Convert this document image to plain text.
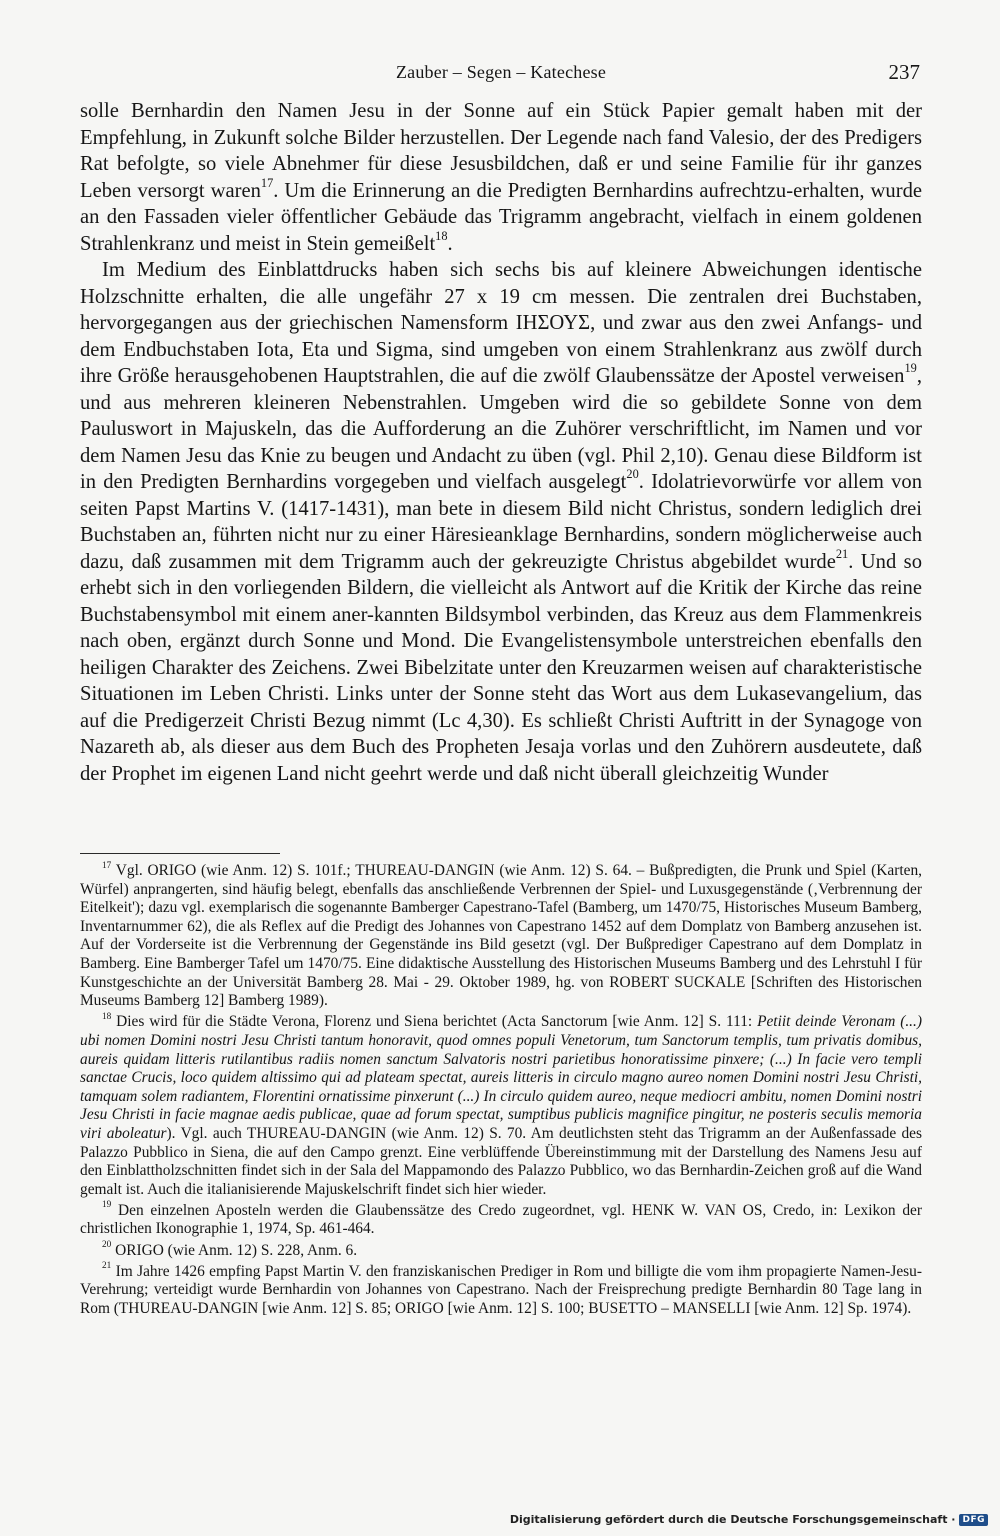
Zauber – Segen – Katechese	237

solle Bernhardin den Namen Jesu in der Sonne auf ein Stück Papier gemalt haben mit der Empfehlung, in Zukunft solche Bilder herzustellen. Der Legende nach fand Valesio, der des Predigers Rat befolgte, so viele Abnehmer für diese Jesusbildchen, daß er und seine Familie für ihr ganzes Leben versorgt waren$^{17}$. Um die Erinnerung an die Predigten Bernhardins aufrechtzu-erhalten, wurde an den Fassaden vieler öffentlicher Gebäude das Trigramm angebracht, vielfach in einem goldenen Strahlenkranz und meist in Stein gemeißelt$^{18}$.

Im Medium des Einblattdrucks haben sich sechs bis auf kleinere Abweichungen identische Holzschnitte erhalten, die alle ungefähr 27 x 19 cm messen. Die zentralen drei Buchstaben, hervorgegangen aus der griechischen Namensform ΙΗΣΟΥΣ, und zwar aus den zwei Anfangs- und dem Endbuchstaben Iota, Eta und Sigma, sind umgeben von einem Strahlenkranz aus zwölf durch ihre Größe herausgehobenen Hauptstrahlen, die auf die zwölf Glaubenssätze der Apostel verweisen$^{19}$, und aus mehreren kleineren Nebenstrahlen. Umgeben wird die so gebildete Sonne von dem Pauluswort in Majuskeln, das die Aufforderung an die Zuhörer verschriftlicht, im Namen und vor dem Namen Jesu das Knie zu beugen und Andacht zu üben (vgl. Phil 2,10). Genau diese Bildform ist in den Predigten Bernhardins vorgegeben und vielfach ausgelegt$^{20}$. Idolatrievorwürfe vor allem von seiten Papst Martins V. (1417-1431), man bete in diesem Bild nicht Christus, sondern lediglich drei Buchstaben an, führten nicht nur zu einer Häresieanklage Bernhardins, sondern möglicherweise auch dazu, daß zusammen mit dem Trigramm auch der gekreuzigte Christus abgebildet wurde$^{21}$. Und so erhebt sich in den vorliegenden Bildern, die vielleicht als Antwort auf die Kritik der Kirche das reine Buchstabensymbol mit einem aner-kannten Bildsymbol verbinden, das Kreuz aus dem Flammenkreis nach oben, ergänzt durch Sonne und Mond. Die Evangelistensymbole unterstreichen ebenfalls den heiligen Charakter des Zeichens. Zwei Bibelzitate unter den Kreuzarmen weisen auf charakteristische Situationen im Leben Christi. Links unter der Sonne steht das Wort aus dem Lukasevangelium, das auf die Predigerzeit Christi Bezug nimmt (Lc 4,30). Es schließt Christi Auftritt in der Synagoge von Nazareth ab, als dieser aus dem Buch des Propheten Jesaja vorlas und den Zuhörern ausdeutete, daß der Prophet im eigenen Land nicht geehrt werde und daß nicht überall gleichzeitig Wunder

$^{17}$ Vgl. ORIGO (wie Anm. 12) S. 101f.; THUREAU-DANGIN (wie Anm. 12) S. 64. – Bußpredigten, die Prunk und Spiel (Karten, Würfel) anprangerten, sind häufig belegt, ebenfalls das anschließende Verbrennen der Spiel- und Luxusgegenstände (‚Verbrennung der Eitelkeit'); dazu vgl. exemplarisch die sogenannte Bamberger Capestrano-Tafel (Bamberg, um 1470/75, Historisches Museum Bamberg, Inventarnummer 62), die als Reflex auf die Predigt des Johannes von Capestrano 1452 auf dem Domplatz von Bamberg anzusehen ist. Auf der Vorderseite ist die Verbrennung der Gegenstände ins Bild gesetzt (vgl. Der Bußprediger Capestrano auf dem Domplatz in Bamberg. Eine Bamberger Tafel um 1470/75. Eine didaktische Ausstellung des Historischen Museums Bamberg und des Lehrstuhl I für Kunstgeschichte an der Universität Bamberg 28. Mai - 29. Oktober 1989, hg. von ROBERT SUCKALE [Schriften des Historischen Museums Bamberg 12] Bamberg 1989).

$^{18}$ Dies wird für die Städte Verona, Florenz und Siena berichtet (Acta Sanctorum [wie Anm. 12] S. 111: Petiit deinde Veronam (...) ubi nomen Domini nostri Jesu Christi tantum honoravit, quod omnes populi Venetorum, tum Sanctorum templis, tum privatis domibus, aureis quidam litteris rutilantibus radiis nomen sanctum Salvatoris nostri parietibus honoratissime pinxere; (...) In facie vero templi sanctae Crucis, loco quidem altissimo qui ad plateam spectat, aureis litteris in circulo magno aureo nomen Domini nostri Jesu Christi, tamquam solem radiantem, Florentini ornatissime pinxerunt (...) In circulo quidem aureo, neque mediocri ambitu, nomen Domini nostri Jesu Christi in facie magnae aedis publicae, quae ad forum spectat, sumptibus publicis magnifice pingitur, ne posteris seculis memoria viri aboleatur). Vgl. auch THUREAU-DANGIN (wie Anm. 12) S. 70. Am deutlichsten steht das Trigramm an der Außenfassade des Palazzo Pubblico in Siena, die auf den Campo grenzt. Eine verblüffende Übereinstimmung mit der Darstellung des Namens Jesu auf den Einblattholzschnitten findet sich in der Sala del Mappamondo des Palazzo Pubblico, wo das Bernhardin-Zeichen groß auf die Wand gemalt ist. Auch die italianisierende Majuskelschrift findet sich hier wieder.

$^{19}$ Den einzelnen Aposteln werden die Glaubenssätze des Credo zugeordnet, vgl. HENK W. VAN OS, Credo, in: Lexikon der christlichen Ikonographie 1, 1974, Sp. 461-464.

$^{20}$ ORIGO (wie Anm. 12) S. 228, Anm. 6.

$^{21}$ Im Jahre 1426 empfing Papst Martin V. den franziskanischen Prediger in Rom und billigte die vom ihm propagierte Namen-Jesu-Verehrung; verteidigt wurde Bernhardin von Johannes von Capestrano. Nach der Freisprechung predigte Bernhardin 80 Tage lang in Rom (THUREAU-DANGIN [wie Anm. 12] S. 85; ORIGO [wie Anm. 12] S. 100; BUSETTO – MANSELLI [wie Anm. 12] Sp. 1974).

Digitalisierung gefördert durch die Deutsche Forschungsgemeinschaft · DFG
